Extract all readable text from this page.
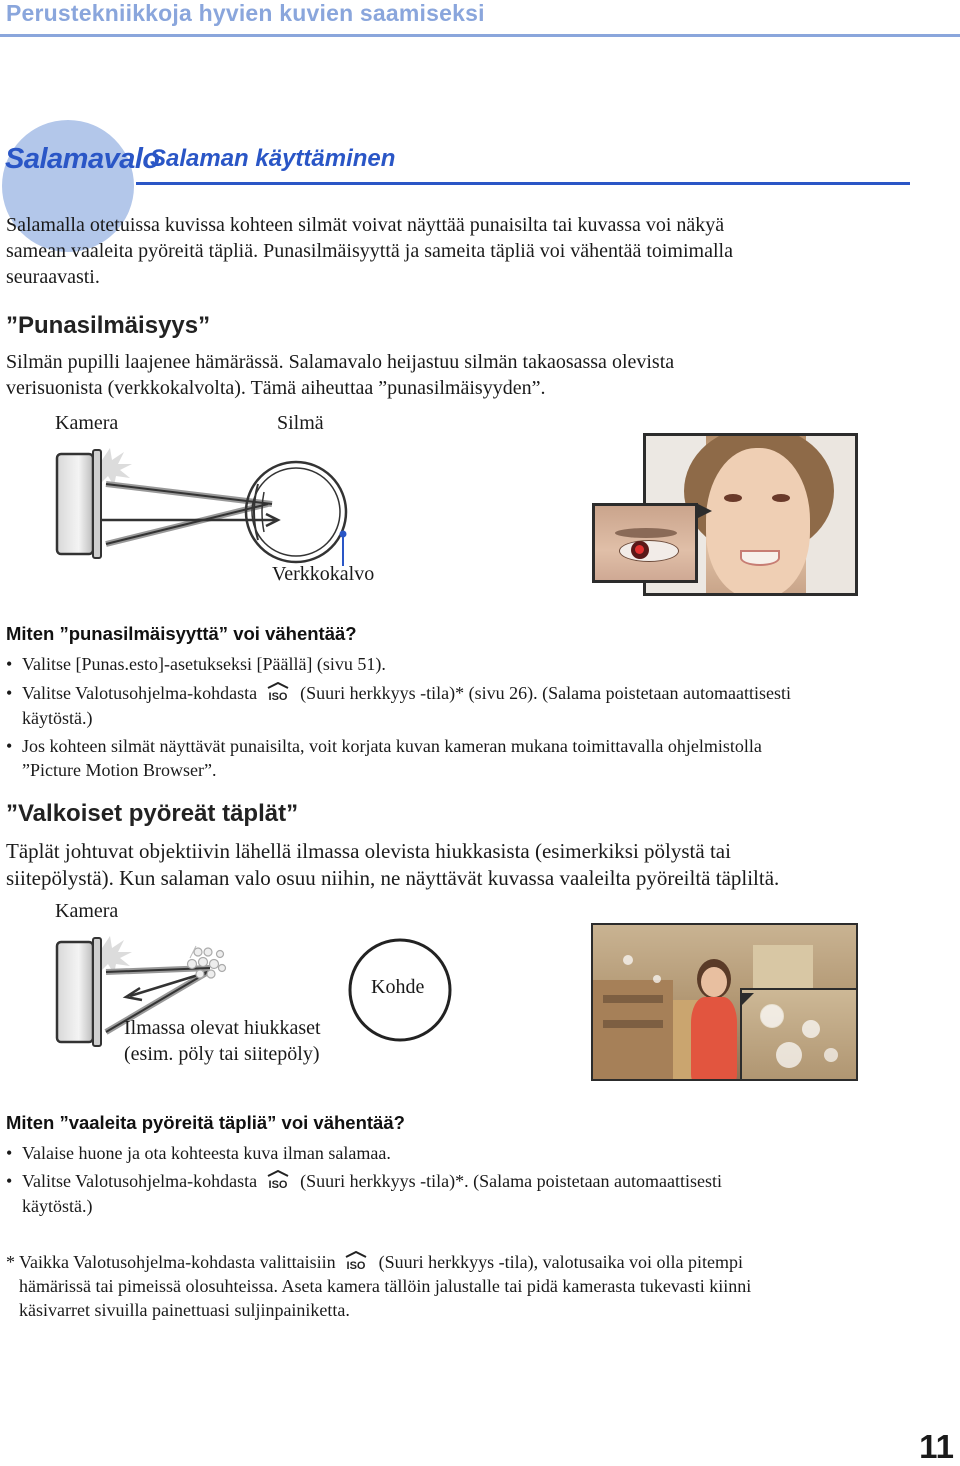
Perustekniikkoja hyvien kuvien saamiseksi
Salamavalo
Salaman käyttäminen
Salamalla otetuissa kuvissa kohteen silmät voivat näyttää punaisilta tai kuvassa voi näkyä
samean vaaleita pyöreitä täpliä. Punasilmäisyyttä ja sameita täpliä voi vähentää toimimalla
seuraavasti.
”Punasilmäisyys”
Silmän pupilli laajenee hämärässä. Salamavalo heijastuu silmän takaosassa olevista
verisuonista (verkkokalvolta). Tämä aiheuttaa ”punasilmäisyyden”.
Kamera	Silmä
Verkkokalvo
Miten ”punasilmäisyyttä” voi vähentää?
• Valitse [Punas.esto]-asetukseksi [Päällä] (sivu 51).
• Valitse Valotusohjelma-kohdasta ISO (Suuri herkkyys -tila)* (sivu 26). (Salama poistetaan automaattisesti
käytöstä.)
• Jos kohteen silmät näyttävät punaisilta, voit korjata kuvan kameran mukana toimittavalla ohjelmistolla
”Picture Motion Browser”.
”Valkoiset pyöreät täplät”
Täplät johtuvat objektiivin lähellä ilmassa olevista hiukkasista (esimerkiksi pölystä tai
siitepölystä). Kun salaman valo osuu niihin, ne näyttävät kuvassa vaaleilta pyöreiltä täpliltä.
Kamera
Kohde
Ilmassa olevat hiukkaset
(esim. pöly tai siitepöly)
Miten ”vaaleita pyöreitä täpliä” voi vähentää?
• Valaise huone ja ota kohteesta kuva ilman salamaa.
• Valitse Valotusohjelma-kohdasta ISO (Suuri herkkyys -tila)*. (Salama poistetaan automaattisesti
käytöstä.)
* Vaikka Valotusohjelma-kohdasta valittaisiin ISO (Suuri herkkyys -tila), valotusaika voi olla pitempi
hämärissä tai pimeissä olosuhteissa. Aseta kamera tällöin jalustalle tai pidä kamerasta tukevasti kiinni
käsivarret sivuilla painettuasi suljinpainiketta.
11
